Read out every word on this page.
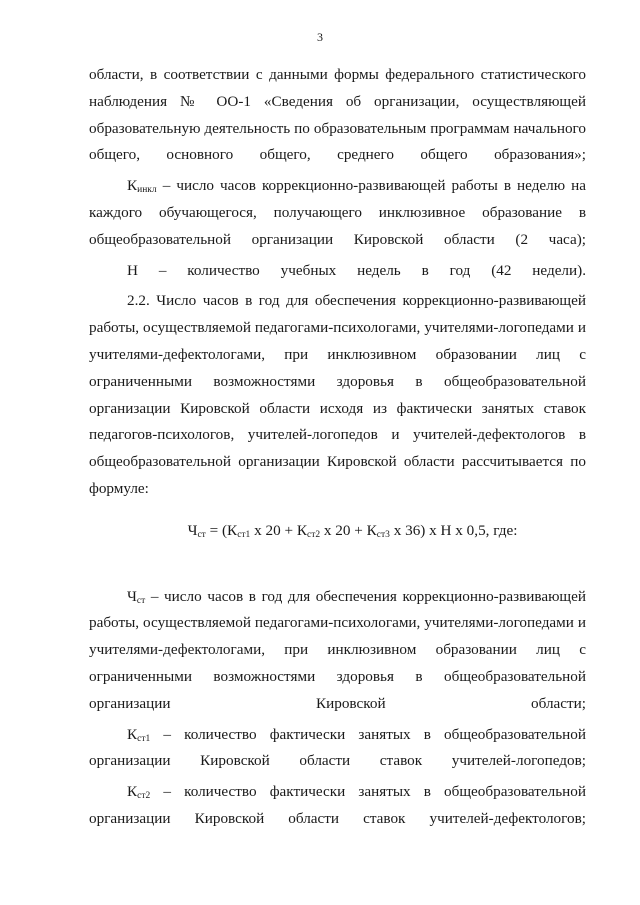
3

области, в соответствии с данными формы федерального статистического наблюдения № ОО-1 «Сведения об организации, осуществляющей образовательную деятельность по образовательным программам начального общего, основного общего, среднего общего образования»;

$К_{инкл}$ – число часов коррекционно-развивающей работы в неделю на каждого обучающегося, получающего инклюзивное образование в общеобразовательной организации Кировской области (2 часа);

Н – количество учебных недель в год (42 недели).

2.2. Число часов в год для обеспечения коррекционно-развивающей работы, осуществляемой педагогами-психологами, учителями-логопедами и учителями-дефектологами, при инклюзивном образовании лиц с ограниченными возможностями здоровья в общеобразовательной организации Кировской области исходя из фактически занятых ставок педагогов-психологов, учителей-логопедов и учителей-дефектологов в общеобразовательной организации Кировской области рассчитывается по формуле:

$Ч_{ст} = (К_{ст1}$ х $20 + К_{ст2}$ х $20 + К_{ст3}$ х 36) х Н х 0,5, где:

$Ч_{ст}$ – число часов в год для обеспечения коррекционно-развивающей работы, осуществляемой педагогами-психологами, учителями-логопедами и учителями-дефектологами, при инклюзивном образовании лиц с ограниченными возможностями здоровья в общеобразовательной организации Кировской области;

$К_{ст1}$ – количество фактически занятых в общеобразовательной организации Кировской области ставок учителей-логопедов;

$К_{ст2}$ – количество фактически занятых в общеобразовательной организации Кировской области ставок учителей-дефектологов;
